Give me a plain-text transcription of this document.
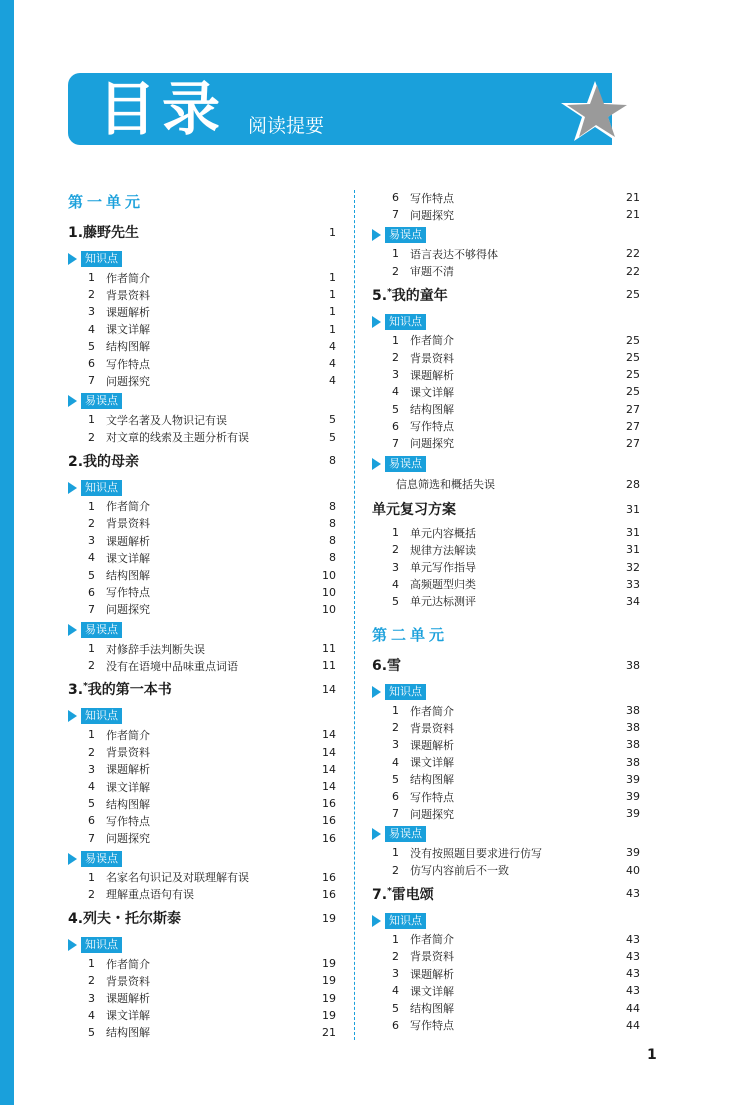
目录 阅读提要
第一单元
1.藤野先生	1
知识点
1	作者简介	1
2	背景资料	1
3	课题解析	1
4	课文详解	1
5	结构图解	4
6	写作特点	4
7	问题探究	4
易误点
1	文学名著及人物识记有误	5
2	对文章的线索及主题分析有误	5
2.我的母亲	8
知识点
1	作者简介	8
2	背景资料	8
3	课题解析	8
4	课文详解	8
5	结构图解	10
6	写作特点	10
7	问题探究	10
易误点
1	对修辞手法判断失误	11
2	没有在语境中品味重点词语	11
3.*我的第一本书	14
知识点
1	作者简介	14
2	背景资料	14
3	课题解析	14
4	课文详解	14
5	结构图解	16
6	写作特点	16
7	问题探究	16
易误点
1	名家名句识记及对联理解有误	16
2	理解重点语句有误	16
4.列夫・托尔斯泰	19
知识点
1	作者简介	19
2	背景资料	19
3	课题解析	19
4	课文详解	19
5	结构图解	21
6	写作特点	21
7	问题探究	21
易误点
1	语言表达不够得体	22
2	审题不清	22
5.*我的童年	25
知识点
1	作者简介	25
2	背景资料	25
3	课题解析	25
4	课文详解	25
5	结构图解	27
6	写作特点	27
7	问题探究	27
易误点
信息筛选和概括失误	28
单元复习方案	31
1	单元内容概括	31
2	规律方法解读	31
3	单元写作指导	32
4	高频题型归类	33
5	单元达标测评	34
第二单元
6.雪	38
知识点
1	作者简介	38
2	背景资料	38
3	课题解析	38
4	课文详解	38
5	结构图解	39
6	写作特点	39
7	问题探究	39
易误点
1	没有按照题目要求进行仿写	39
2	仿写内容前后不一致	40
7.*雷电颂	43
知识点
1	作者简介	43
2	背景资料	43
3	课题解析	43
4	课文详解	43
5	结构图解	44
6	写作特点	44
1
